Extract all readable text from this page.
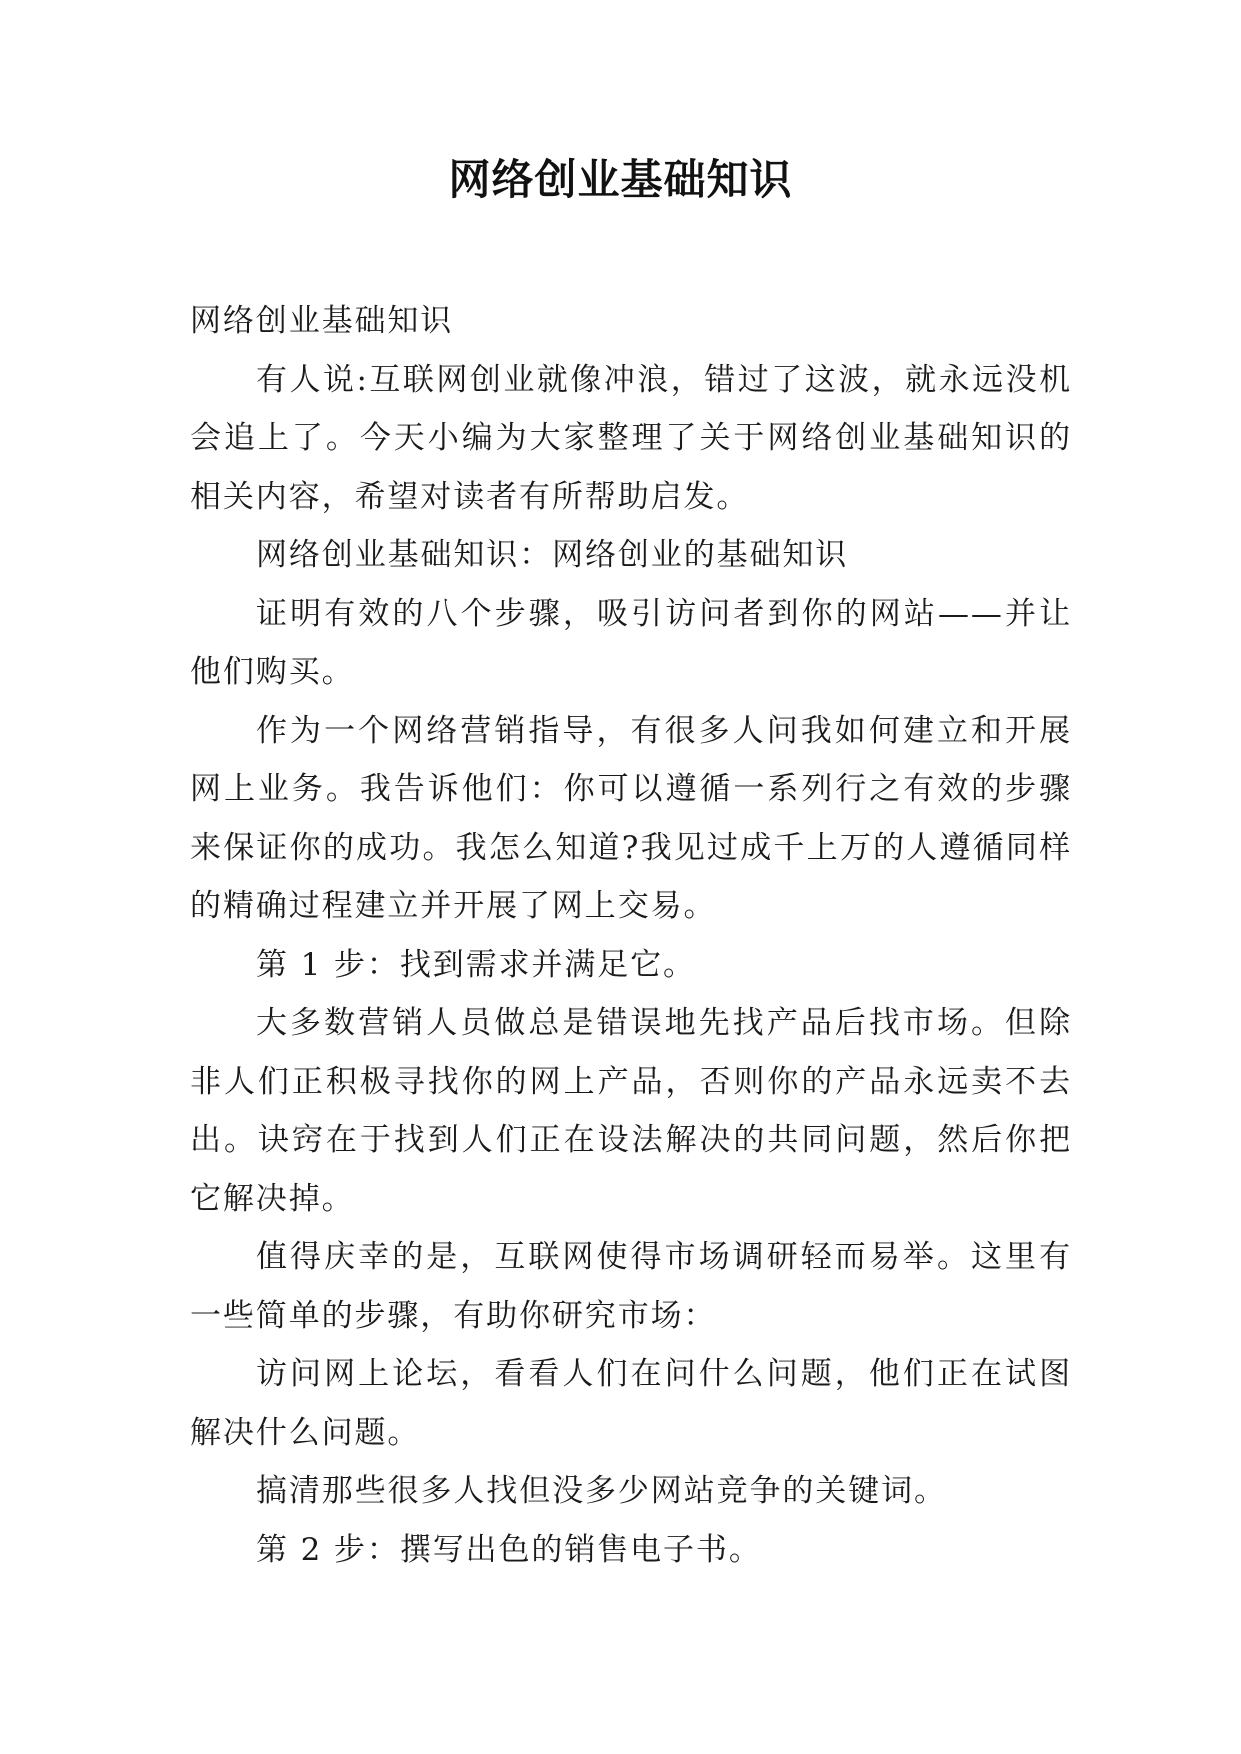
网络创业基础知识

网络创业基础知识

有人说:互联网创业就像冲浪，错过了这波，就永远没机会追上了。今天小编为大家整理了关于网络创业基础知识的相关内容，希望对读者有所帮助启发。

网络创业基础知识：网络创业的基础知识

证明有效的八个步骤，吸引访问者到你的网站——并让他们购买。

作为一个网络营销指导，有很多人问我如何建立和开展网上业务。我告诉他们：你可以遵循一系列行之有效的步骤来保证你的成功。我怎么知道?我见过成千上万的人遵循同样的精确过程建立并开展了网上交易。

第 1 步：找到需求并满足它。

大多数营销人员做总是错误地先找产品后找市场。但除非人们正积极寻找你的网上产品，否则你的产品永远卖不去出。诀窍在于找到人们正在设法解决的共同问题，然后你把它解决掉。

值得庆幸的是，互联网使得市场调研轻而易举。这里有一些简单的步骤，有助你研究市场：

访问网上论坛，看看人们在问什么问题，他们正在试图解决什么问题。

搞清那些很多人找但没多少网站竞争的关键词。

第 2 步：撰写出色的销售电子书。
